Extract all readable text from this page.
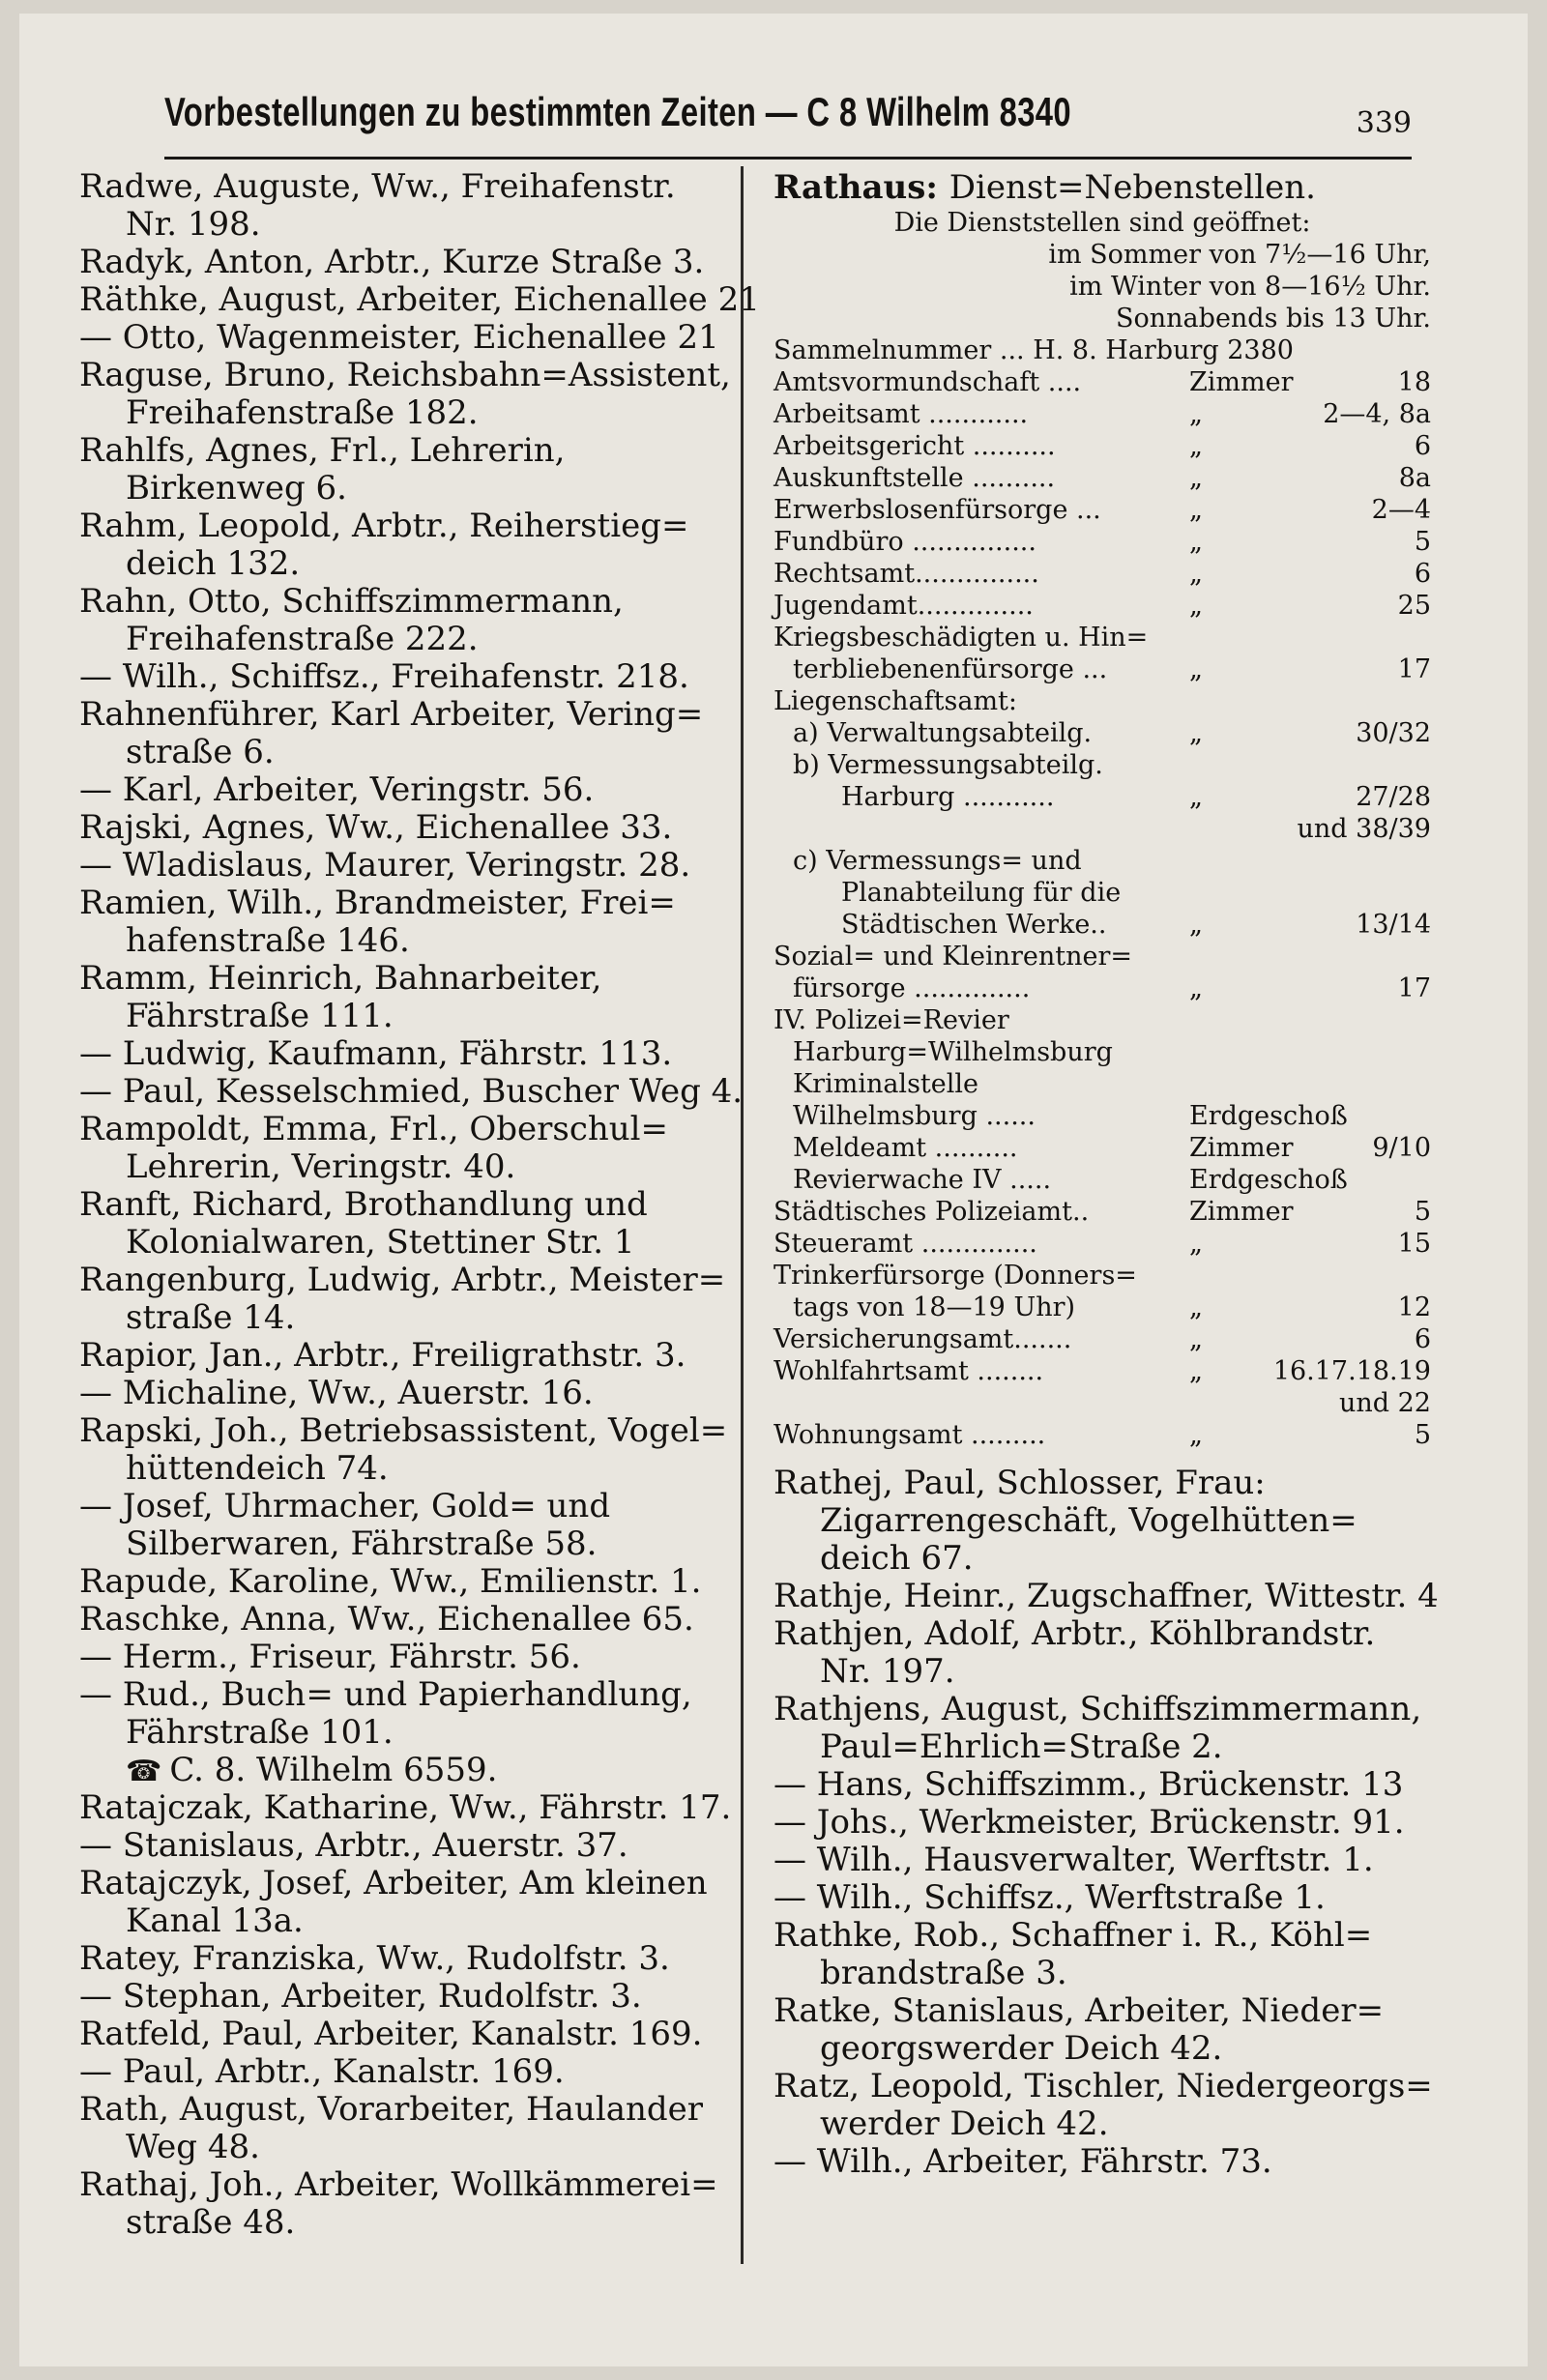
Vorbestellungen zu bestimmten Zeiten — C 8 Wilhelm 8340	339
Radwe, Auguste, Ww., Freihafenstr.
Nr. 198.
Radyk, Anton, Arbtr., Kurze Straße 3.
Räthke, August, Arbeiter, Eichenallee 21
— Otto, Wagenmeister, Eichenallee 21
Raguse, Bruno, Reichsbahn=Assistent,
Freihafenstraße 182.
Rahlfs, Agnes, Frl., Lehrerin,
Birkenweg 6.
Rahm, Leopold, Arbtr., Reiherstieg=
deich 132.
Rahn, Otto, Schiffszimmermann,
Freihafenstraße 222.
— Wilh., Schiffsz., Freihafenstr. 218.
Rahnenführer, Karl Arbeiter, Vering=
straße 6.
— Karl, Arbeiter, Veringstr. 56.
Rajski, Agnes, Ww., Eichenallee 33.
— Wladislaus, Maurer, Veringstr. 28.
Ramien, Wilh., Brandmeister, Frei=
hafenstraße 146.
Ramm, Heinrich, Bahnarbeiter,
Fährstraße 111.
— Ludwig, Kaufmann, Fährstr. 113.
— Paul, Kesselschmied, Buscher Weg 4.
Rampoldt, Emma, Frl., Oberschul=
Lehrerin, Veringstr. 40.
Ranft, Richard, Brothandlung und
Kolonialwaren, Stettiner Str. 1
Rangenburg, Ludwig, Arbtr., Meister=
straße 14.
Rapior, Jan., Arbtr., Freiligrathstr. 3.
— Michaline, Ww., Auerstr. 16.
Rapski, Joh., Betriebsassistent, Vogel=
hüttendeich 74.
— Josef, Uhrmacher, Gold= und
Silberwaren, Fährstraße 58.
Rapude, Karoline, Ww., Emilienstr. 1.
Raschke, Anna, Ww., Eichenallee 65.
— Herm., Friseur, Fährstr. 56.
— Rud., Buch= und Papierhandlung,
Fährstraße 101.
☎ C. 8. Wilhelm 6559.
Ratajczak, Katharine, Ww., Fährstr. 17.
— Stanislaus, Arbtr., Auerstr. 37.
Ratajczyk, Josef, Arbeiter, Am kleinen
Kanal 13a.
Ratey, Franziska, Ww., Rudolfstr. 3.
— Stephan, Arbeiter, Rudolfstr. 3.
Ratfeld, Paul, Arbeiter, Kanalstr. 169.
— Paul, Arbtr., Kanalstr. 169.
Rath, August, Vorarbeiter, Haulander
Weg 48.
Rathaj, Joh., Arbeiter, Wollkämmerei=
straße 48.
Rathaus: Dienst=Nebenstellen.
Die Dienststellen sind geöffnet:
im Sommer von 7½—16 Uhr,
im Winter von 8—16½ Uhr.
Sonnabends bis 13 Uhr.
Sammelnummer ... H. 8. Harburg 2380
Amtsvormundschaft ....	Zimmer	18
Arbeitsamt ............	„	2—4, 8a
Arbeitsgericht ..........	„	6
Auskunftstelle ..........	„	8a
Erwerbslosenfürsorge ...	„	2—4
Fundbüro ...............	„	5
Rechtsamt...............	„	6
Jugendamt..............	„	25
Kriegsbeschädigten u. Hin=
terbliebenenfürsorge ...	„	17
Liegenschaftsamt:
a) Verwaltungsabteilg.	„	30/32
b) Vermessungsabteilg.
Harburg ...........	„	27/28
und 38/39
c) Vermessungs= und
Planabteilung für die
Städtischen Werke..	„	13/14
Sozial= und Kleinrentner=
fürsorge ..............	„	17
IV. Polizei=Revier
Harburg=Wilhelmsburg
Kriminalstelle
Wilhelmsburg ......	Erdgeschoß
Meldeamt ..........	Zimmer	9/10
Revierwache IV .....	Erdgeschoß
Städtisches Polizeiamt..	Zimmer	5
Steueramt ..............	„	15
Trinkerfürsorge (Donners=
tags von 18—19 Uhr)	„	12
Versicherungsamt.......	„	6
Wohlfahrtsamt ........	„	16.17.18.19
und 22
Wohnungsamt .........	„	5
Rathej, Paul, Schlosser, Frau:
Zigarrengeschäft, Vogelhütten=
deich 67.
Rathje, Heinr., Zugschaffner, Wittestr. 4
Rathjen, Adolf, Arbtr., Köhlbrandstr.
Nr. 197.
Rathjens, August, Schiffszimmermann,
Paul=Ehrlich=Straße 2.
— Hans, Schiffszimm., Brückenstr. 13
— Johs., Werkmeister, Brückenstr. 91.
— Wilh., Hausverwalter, Werftstr. 1.
— Wilh., Schiffsz., Werftstraße 1.
Rathke, Rob., Schaffner i. R., Köhl=
brandstraße 3.
Ratke, Stanislaus, Arbeiter, Nieder=
georgswerder Deich 42.
Ratz, Leopold, Tischler, Niedergeorgs=
werder Deich 42.
— Wilh., Arbeiter, Fährstr. 73.
